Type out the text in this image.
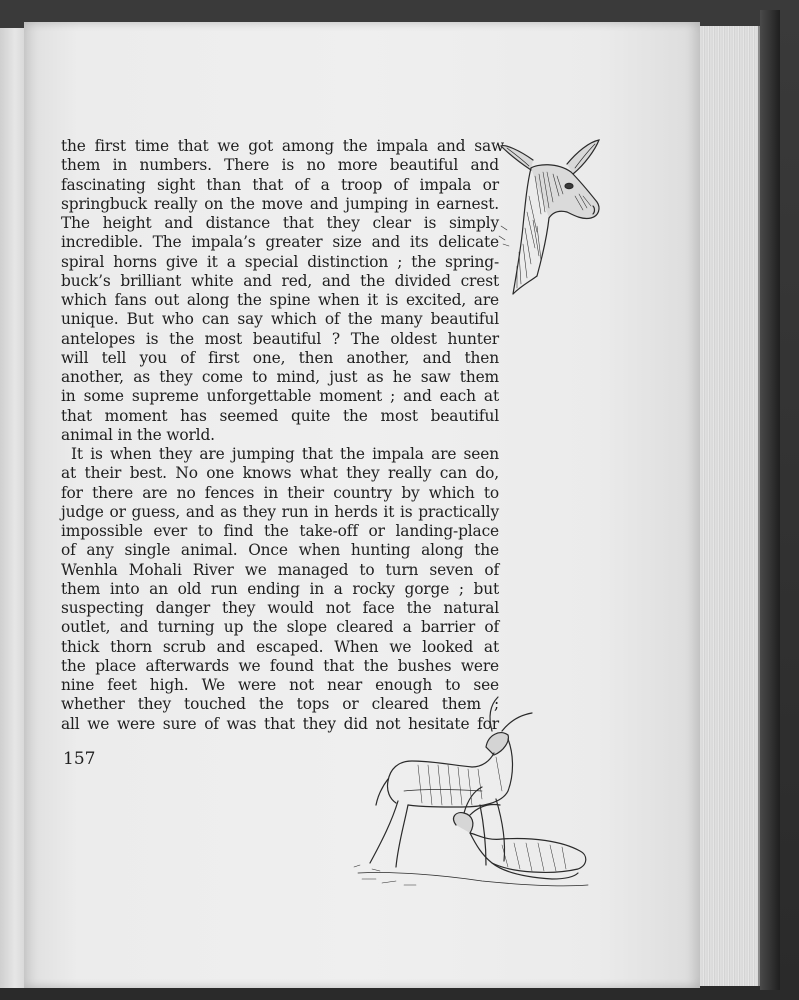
the first time that we got among the impala and saw
them in numbers. There is no more beautiful and
fascinating sight than that of a troop of impala or
springbuck really on the move and jumping in earnest.
The height and distance that they clear is simply
incredible. The impala’s greater size and its delicate
spiral horns give it a special distinction ; the spring-
buck’s brilliant white and red, and the divided crest
which fans out along the spine when it is excited, are
unique. But who can say which of the many beautiful
antelopes is the most beautiful ? The oldest hunter
will tell you of first one, then another, and then
another, as they come to mind, just as he saw them
in some supreme unforgettable moment ; and each at
that moment has seemed quite the most beautiful
animal in the world.
It is when they are jumping that the impala are seen
at their best. No one knows what they really can do,
for there are no fences in their country by which to
judge or guess, and as they run in herds it is practically
impossible ever to find the take-off or landing-place
of any single animal. Once when hunting along the
Wenhla Mohali River we managed to turn seven of
them into an old run ending in a rocky gorge ; but
suspecting danger they would not face the natural
outlet, and turning up the slope cleared a barrier of
thick thorn scrub and escaped. When we looked at
the place afterwards we found that the bushes were
nine feet high. We were not near enough to see
whether they touched the tops or cleared them ;
all we were sure of was that they did not hesitate for
157
